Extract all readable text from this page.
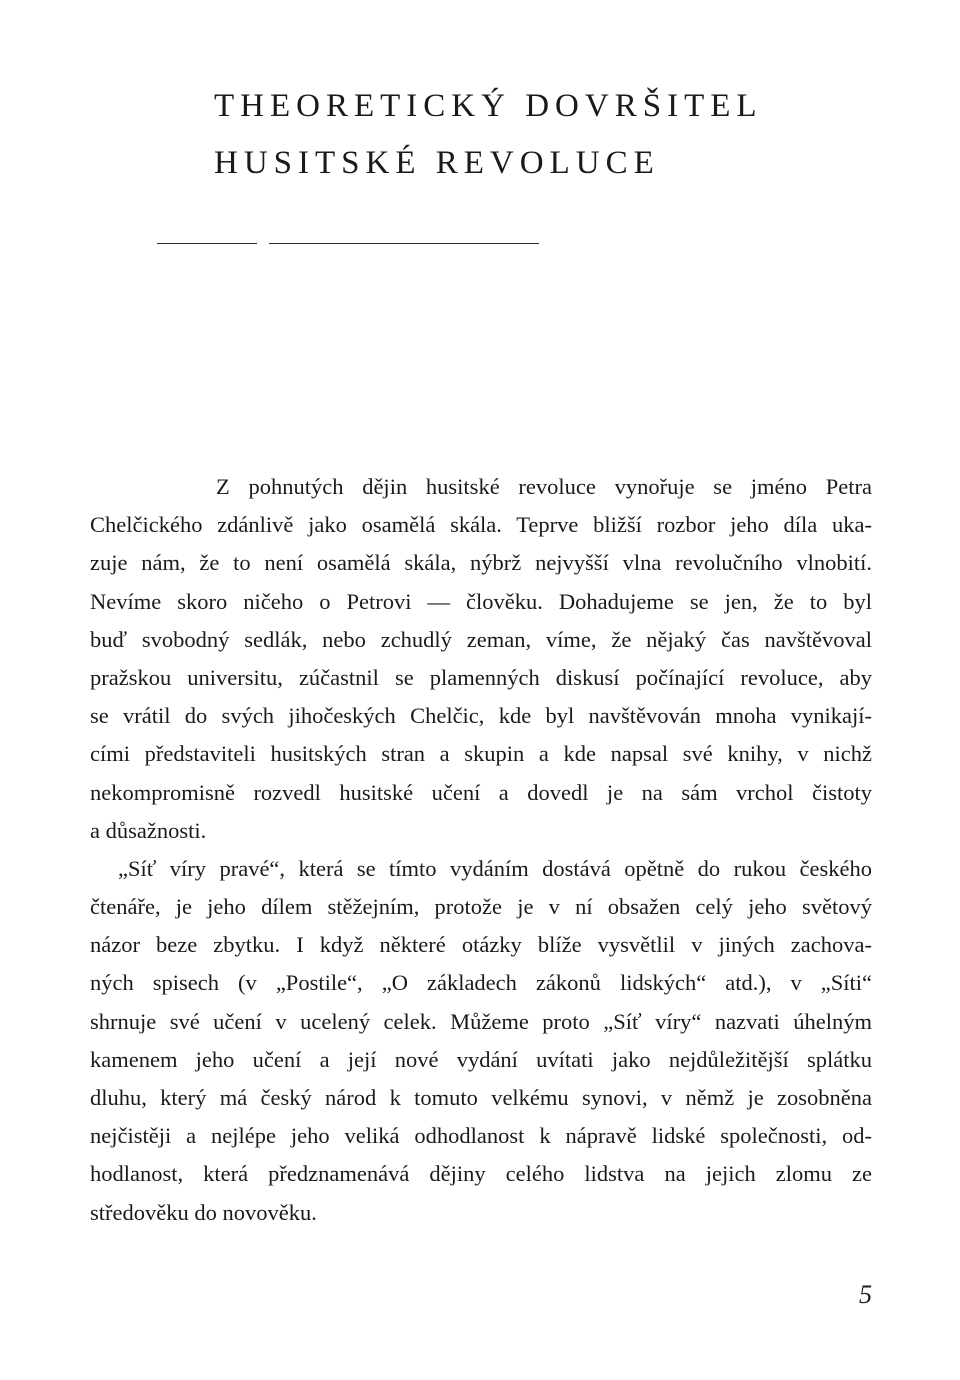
THEORETICKÝ DOVRŠITEL
HUSITSKÉ REVOLUCE
Z pohnutých dějin husitské revoluce vynořuje se jméno Petra
Chelčického zdánlivě jako osamělá skála. Teprve bližší rozbor jeho díla uka-
zuje nám, že to není osamělá skála, nýbrž nejvyšší vlna revolučního vlnobití.
Nevíme skoro ničeho o Petrovi — člověku. Dohadujeme se jen, že to byl
buď svobodný sedlák, nebo zchudlý zeman, víme, že nějaký čas navštěvoval
pražskou universitu, zúčastnil se plamenných diskusí počínající revoluce, aby
se vrátil do svých jihočeských Chelčic, kde byl navštěvován mnoha vynikají-
cími představiteli husitských stran a skupin a kde napsal své knihy, v nichž
nekompromisně rozvedl husitské učení a dovedl je na sám vrchol čistoty
a důsažnosti.
„Síť víry pravé“, která se tímto vydáním dostává opětně do rukou českého
čtenáře, je jeho dílem stěžejním, protože je v ní obsažen celý jeho světový
názor beze zbytku. I když některé otázky blíže vysvětlil v jiných zachova-
ných spisech (v „Postile“, „O základech zákonů lidských“ atd.), v „Síti“
shrnuje své učení v ucelený celek. Můžeme proto „Síť víry“ nazvati úhelným
kamenem jeho učení a její nové vydání uvítati jako nejdůležitější splátku
dluhu, který má český národ k tomuto velkému synovi, v němž je zosobněna
nejčistěji a nejlépe jeho veliká odhodlanost k nápravě lidské společnosti, od-
hodlanost, která předznamenává dějiny celého lidstva na jejich zlomu ze
středověku do novověku.
5
